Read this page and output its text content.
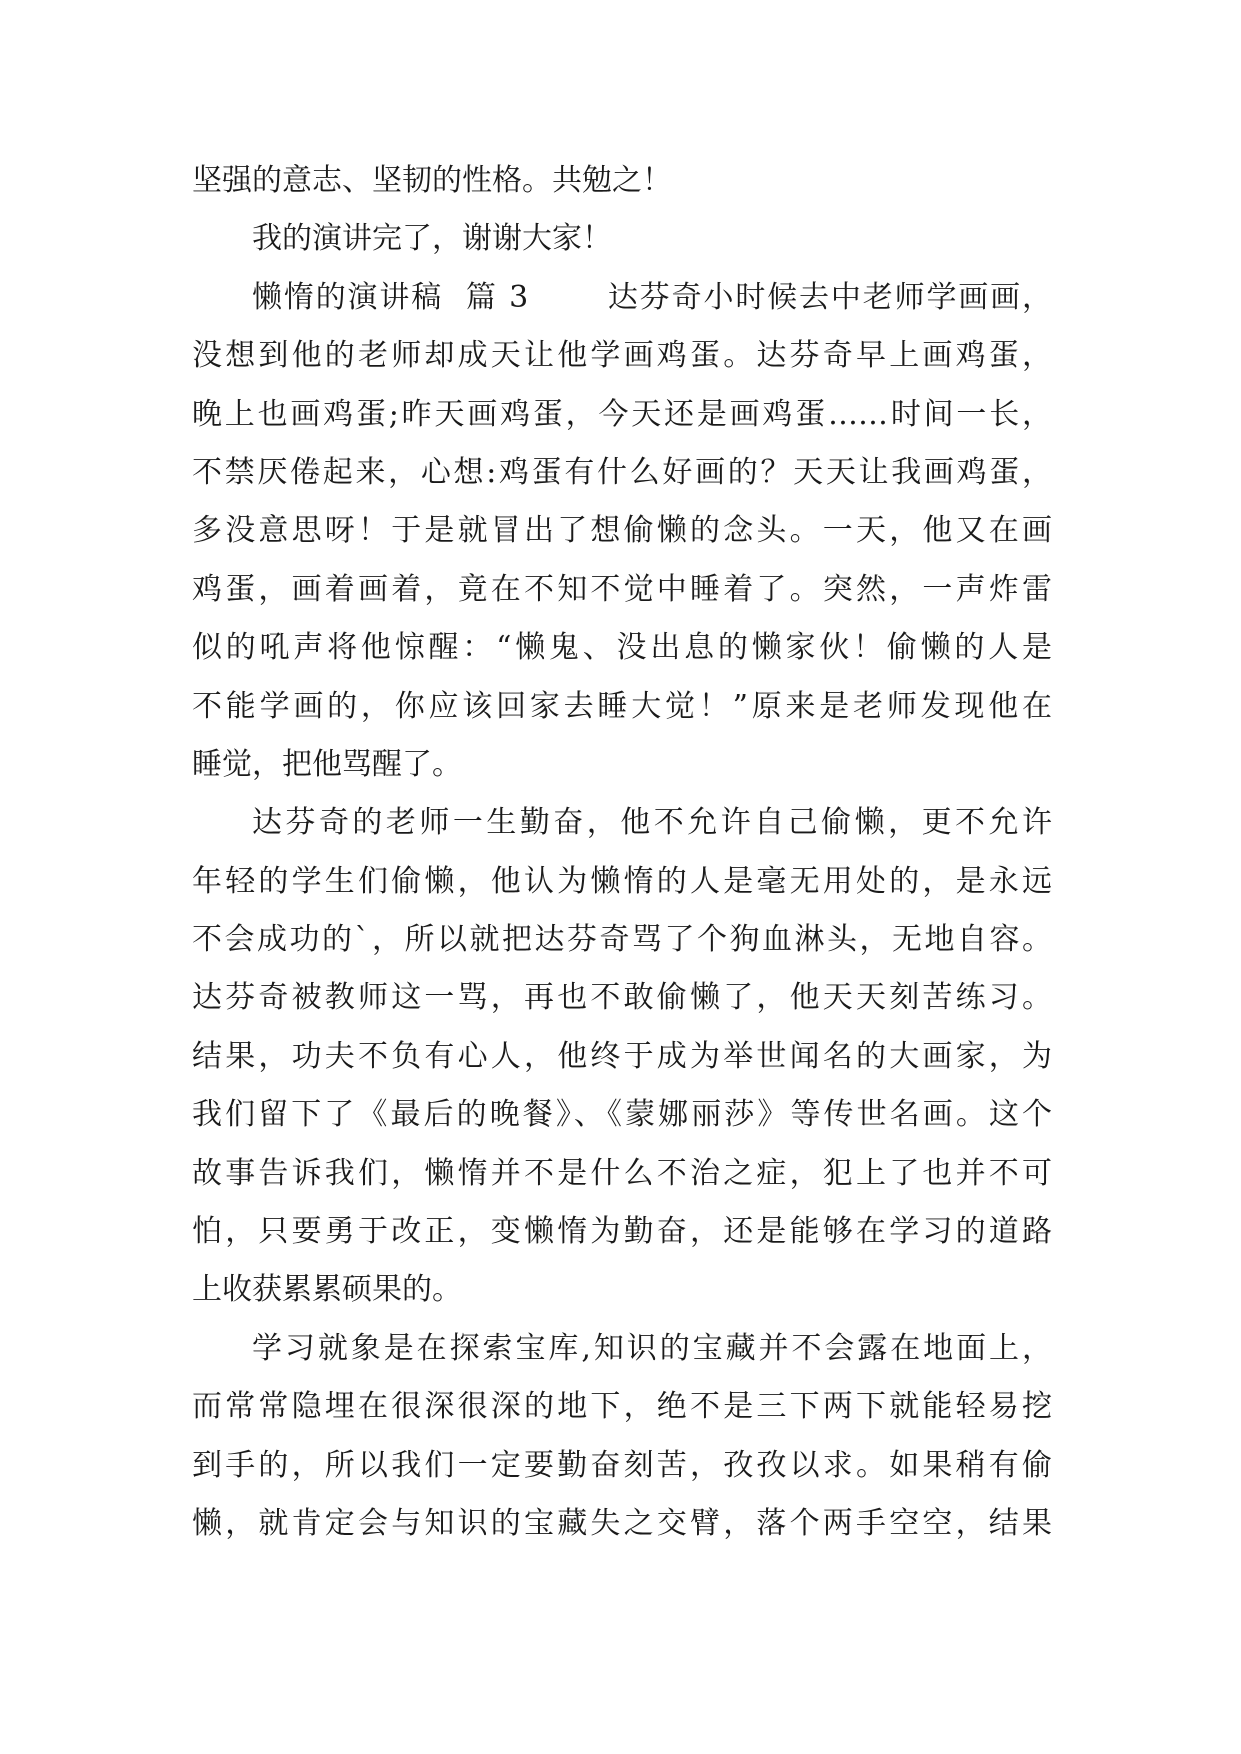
坚强的意志、坚韧的性格。共勉之！
我的演讲完了，谢谢大家！
懒惰的演讲稿  篇 3       达芬奇小时候去中老师学画画，
没想到他的老师却成天让他学画鸡蛋。达芬奇早上画鸡蛋，
晚上也画鸡蛋;昨天画鸡蛋，今天还是画鸡蛋……时间一长，
不禁厌倦起来，心想:鸡蛋有什么好画的？天天让我画鸡蛋，
多没意思呀！于是就冒出了想偷懒的念头。一天，他又在画
鸡蛋，画着画着，竟在不知不觉中睡着了。突然，一声炸雷
似的吼声将他惊醒：“懒鬼、没出息的懒家伙！偷懒的人是
不能学画的，你应该回家去睡大觉！”原来是老师发现他在
睡觉，把他骂醒了。
达芬奇的老师一生勤奋，他不允许自己偷懒，更不允许
年轻的学生们偷懒，他认为懒惰的人是毫无用处的，是永远
不会成功的`，所以就把达芬奇骂了个狗血淋头，无地自容。
达芬奇被教师这一骂，再也不敢偷懒了，他天天刻苦练习。
结果，功夫不负有心人，他终于成为举世闻名的大画家，为
我们留下了《最后的晚餐》、《蒙娜丽莎》等传世名画。这个
故事告诉我们，懒惰并不是什么不治之症，犯上了也并不可
怕，只要勇于改正，变懒惰为勤奋，还是能够在学习的道路
上收获累累硕果的。
学习就象是在探索宝库,知识的宝藏并不会露在地面上，
而常常隐埋在很深很深的地下，绝不是三下两下就能轻易挖
到手的，所以我们一定要勤奋刻苦，孜孜以求。如果稍有偷
懒，就肯定会与知识的宝藏失之交臂，落个两手空空，结果
